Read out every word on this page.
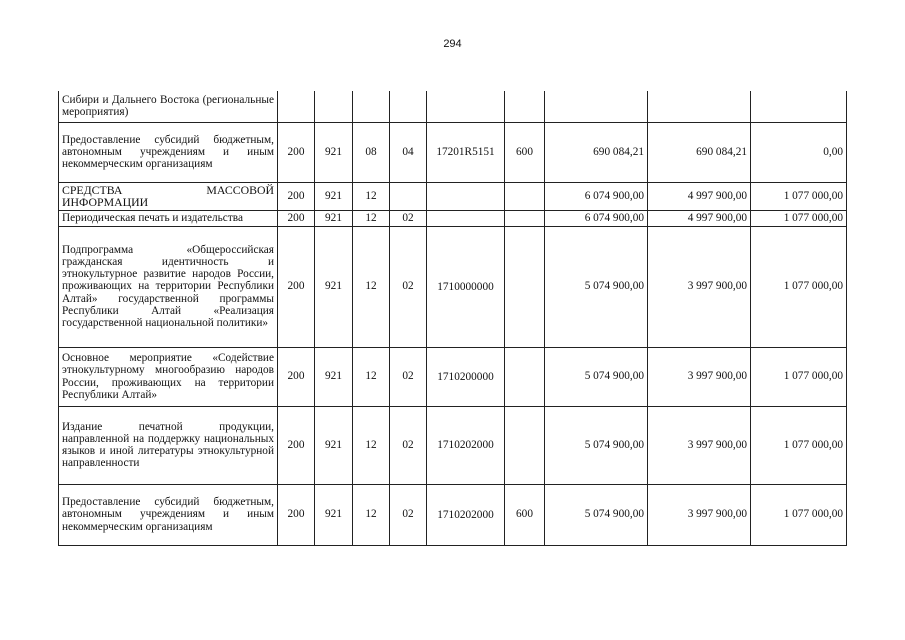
294
Сибири и Дальнего Востока (региональные мероприятия)									
Предоставление субсидий бюджетным, автономным учреждениям и иным некоммерческим организациям	200	921	08	04	17201R5151	600	690 084,21	690 084,21	0,00
СРЕДСТВА МАССОВОЙ ИНФОРМАЦИИ	200	921	12				6 074 900,00	4 997 900,00	1 077 000,00
Периодическая печать и издательства	200	921	12	02			6 074 900,00	4 997 900,00	1 077 000,00
Подпрограмма «Общероссийская гражданская идентичность и этнокультурное развитие народов России, проживающих на территории Республики Алтай» государственной программы Республики Алтай «Реализация государственной национальной политики»	200	921	12	02	1710000000		5 074 900,00	3 997 900,00	1 077 000,00
Основное мероприятие «Содействие этнокультурному многообразию народов России, проживающих на территории Республики Алтай»	200	921	12	02	1710200000		5 074 900,00	3 997 900,00	1 077 000,00
Издание печатной продукции, направленной на поддержку национальных языков и иной литературы этнокультурной направленности	200	921	12	02	1710202000		5 074 900,00	3 997 900,00	1 077 000,00
Предоставление субсидий бюджетным, автономным учреждениям и иным некоммерческим организациям	200	921	12	02	1710202000	600	5 074 900,00	3 997 900,00	1 077 000,00
